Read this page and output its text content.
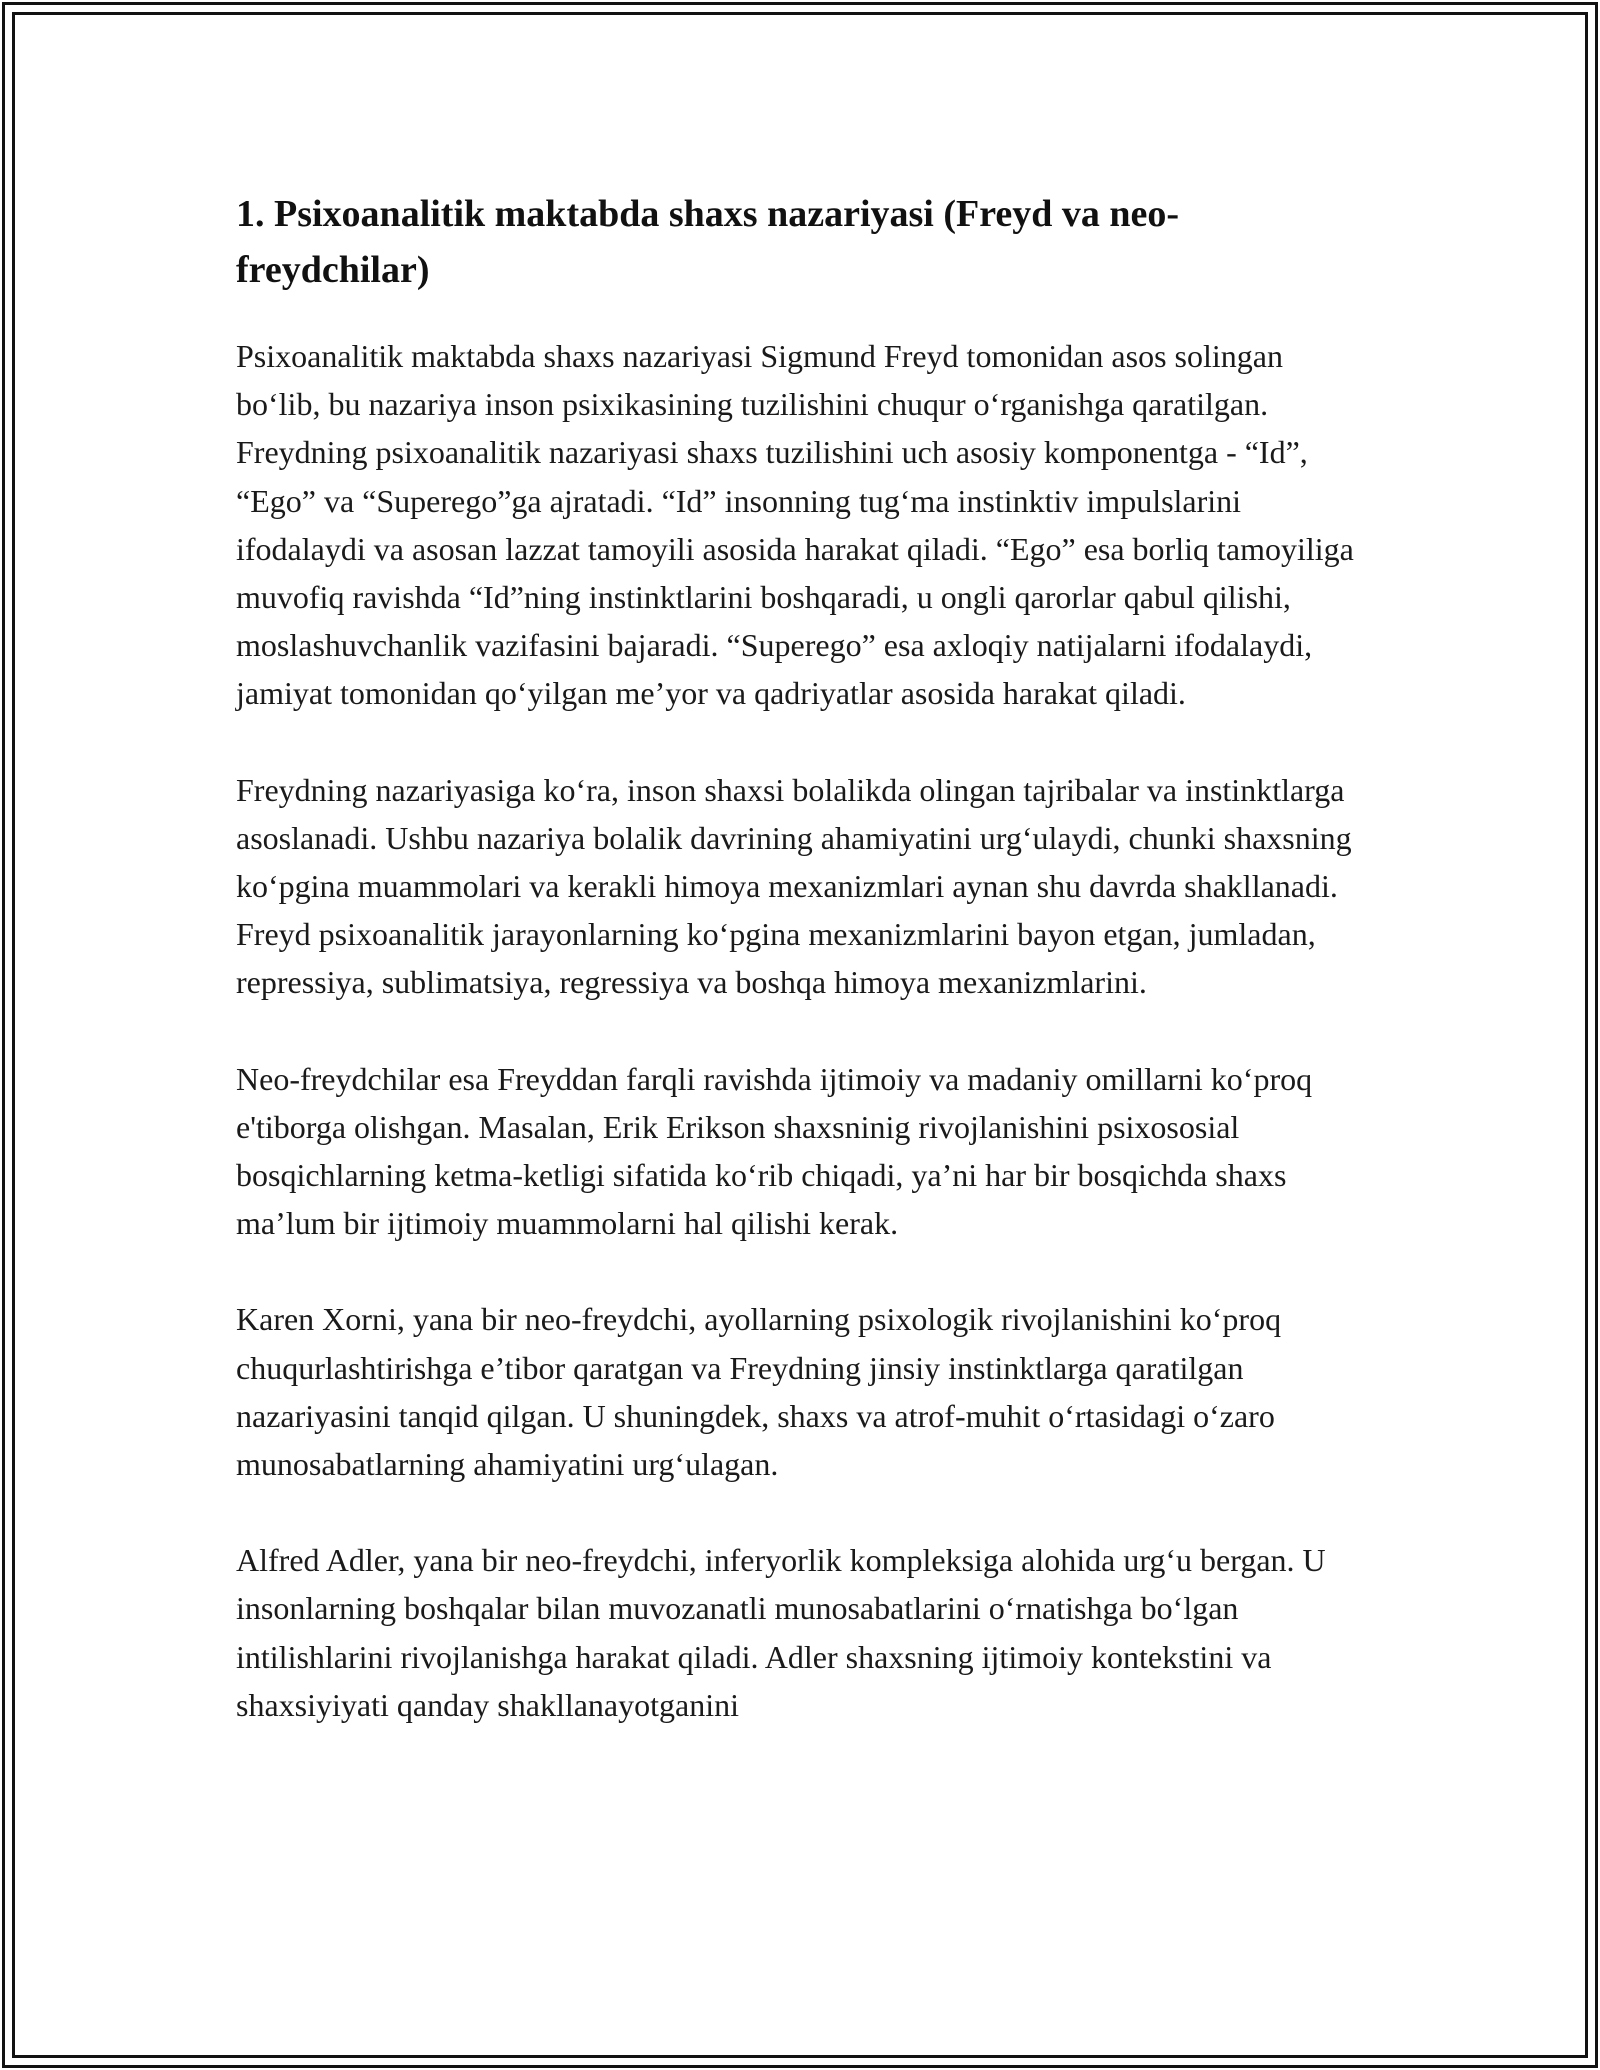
1. Psixoanalitik maktabda shaxs nazariyasi (Freyd va neo-freydchilar)

Psixoanalitik maktabda shaxs nazariyasi Sigmund Freyd tomonidan asos solingan bo‘lib, bu nazariya inson psixikasining tuzilishini chuqur o‘rganishga qaratilgan. Freydning psixoanalitik nazariyasi shaxs tuzilishini uch asosiy komponentga - “Id”, “Ego” va “Superego”ga ajratadi. “Id” insonning tug‘ma instinktiv impulslarini ifodalaydi va asosan lazzat tamoyili asosida harakat qiladi. “Ego” esa borliq tamoyiliga muvofiq ravishda “Id”ning instinktlarini boshqaradi, u ongli qarorlar qabul qilishi, moslashuvchanlik vazifasini bajaradi. “Superego” esa axloqiy natijalarni ifodalaydi, jamiyat tomonidan qo‘yilgan me’yor va qadriyatlar asosida harakat qiladi.

Freydning nazariyasiga ko‘ra, inson shaxsi bolalikda olingan tajribalar va instinktlarga asoslanadi. Ushbu nazariya bolalik davrining ahamiyatini urg‘ulaydi, chunki shaxsning ko‘pgina muammolari va kerakli himoya mexanizmlari aynan shu davrda shakllanadi. Freyd psixoanalitik jarayonlarning ko‘pgina mexanizmlarini bayon etgan, jumladan, repressiya, sublimatsiya, regressiya va boshqa himoya mexanizmlarini.

Neo-freydchilar esa Freyddan farqli ravishda ijtimoiy va madaniy omillarni ko‘proq e'tiborga olishgan. Masalan, Erik Erikson shaxsninig rivojlanishini psixososial bosqichlarning ketma-ketligi sifatida ko‘rib chiqadi, ya’ni har bir bosqichda shaxs ma’lum bir ijtimoiy muammolarni hal qilishi kerak.

Karen Xorni, yana bir neo-freydchi, ayollarning psixologik rivojlanishini ko‘proq chuqurlashtirishga e’tibor qaratgan va Freydning jinsiy instinktlarga qaratilgan nazariyasini tanqid qilgan. U shuningdek, shaxs va atrof-muhit o‘rtasidagi o‘zaro munosabatlarning ahamiyatini urg‘ulagan.

Alfred Adler, yana bir neo-freydchi, inferyorlik kompleksiga alohida urg‘u bergan. U insonlarning boshqalar bilan muvozanatli munosabatlarini o‘rnatishga bo‘lgan intilishlarini rivojlanishga harakat qiladi. Adler shaxsning ijtimoiy kontekstini va shaxsiyiyati qanday shakllanayotganini
